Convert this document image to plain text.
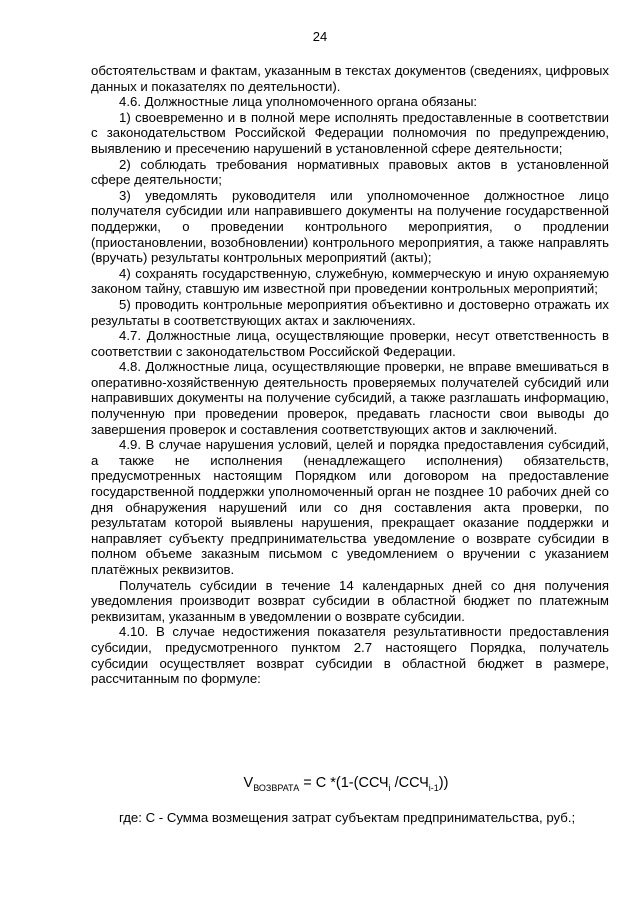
24

обстоятельствам и фактам, указанным в текстах документов (сведениях, цифровых данных и показателях по деятельности).

4.6. Должностные лица уполномоченного органа обязаны:

1) своевременно и в полной мере исполнять предоставленные в соответствии с законодательством Российской Федерации полномочия по предупреждению, выявлению и пресечению нарушений в установленной сфере деятельности;

2) соблюдать требования нормативных правовых актов в установленной сфере деятельности;

3) уведомлять руководителя или уполномоченное должностное лицо получателя субсидии или направившего документы на получение государственной поддержки, о проведении контрольного мероприятия, о продлении (приостановлении, возобновлении) контрольного мероприятия, а также направлять (вручать) результаты контрольных мероприятий (акты);

4) сохранять государственную, служебную, коммерческую и иную охраняемую законом тайну, ставшую им известной при проведении контрольных мероприятий;

5) проводить контрольные мероприятия объективно и достоверно отражать их результаты в соответствующих актах и заключениях.

4.7. Должностные лица, осуществляющие проверки, несут ответственность в соответствии с законодательством Российской Федерации.

4.8. Должностные лица, осуществляющие проверки, не вправе вмешиваться в оперативно-хозяйственную деятельность проверяемых получателей субсидий или направивших документы на получение субсидий, а также разглашать информацию, полученную при проведении проверок, предавать гласности свои выводы до завершения проверок и составления соответствующих актов и заключений.

4.9. В случае нарушения условий, целей и порядка предоставления субсидий, а также не исполнения (ненадлежащего исполнения) обязательств, предусмотренных настоящим Порядком или договором на предоставление государственной поддержки уполномоченный орган не позднее 10 рабочих дней со дня обнаружения нарушений или со дня составления акта проверки, по результатам которой выявлены нарушения, прекращает оказание поддержки и направляет субъекту предпринимательства уведомление о возврате субсидии в полном объеме заказным письмом с уведомлением о вручении с указанием платёжных реквизитов.

Получатель субсидии в течение 14 календарных дней со дня получения уведомления производит возврат субсидии в областной бюджет по платежным реквизитам, указанным в уведомлении о возврате субсидии.

4.10. В случае недостижения показателя результативности предоставления субсидии, предусмотренного пунктом 2.7 настоящего Порядка, получатель субсидии осуществляет возврат субсидии в областной бюджет в размере, рассчитанным по формуле:

$V_{ВОЗВРАТА} = С$ $*(1-(ССЧ_i$ $/ССЧ_{i-1}$))
где: С - Сумма возмещения затрат субъектам предпринимательства, руб.;
